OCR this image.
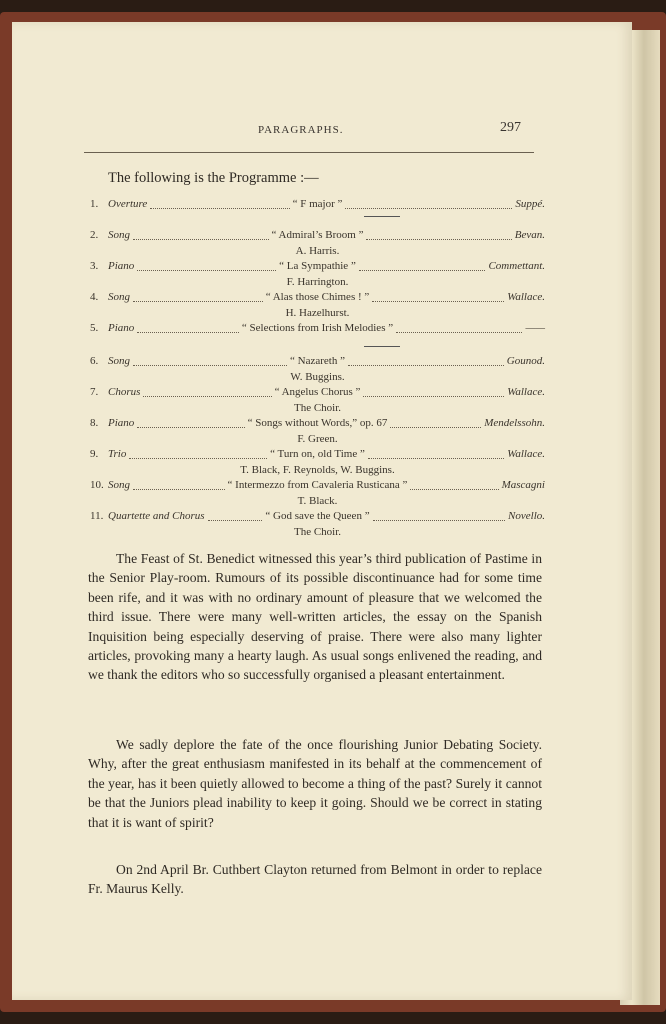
PARAGRAPHS.	297
The following is the Programme :—
1. Overture	“ F major ”	Suppé.
2. Song	“ Admiral’s Broom ”	Bevan.
A. Harris.
3. Piano	“ La Sympathie ”	Commettant.
F. Harrington.
4. Song	“ Alas those Chimes ! ”	Wallace.
H. Hazelhurst.
5. Piano	“ Selections from Irish Melodies ”	——
6. Song	“ Nazareth ”	Gounod.
W. Buggins.
7. Chorus	“ Angelus Chorus ”	Wallace.
The Choir.
8. Piano	“ Songs without Words,” op. 67	Mendelssohn.
F. Green.
9. Trio	“ Turn on, old Time ”	Wallace.
T. Black, F. Reynolds, W. Buggins.
10. Song	“ Intermezzo from Cavaleria Rusticana ”	Mascagni
T. Black.
11. Quartette and Chorus	“ God save the Queen ”	Novello.
The Choir.

The Feast of St. Benedict witnessed this year’s third publication of Pastime in the Senior Play-room. Rumours of its possible discontinuance had for some time been rife, and it was with no ordinary amount of pleasure that we welcomed the third issue. There were many well-written articles, the essay on the Spanish Inquisition being especially deserving of praise. There were also many lighter articles, provoking many a hearty laugh. As usual songs enlivened the reading, and we thank the editors who so successfully organised a pleasant entertainment.

We sadly deplore the fate of the once flourishing Junior Debating Society. Why, after the great enthusiasm manifested in its behalf at the commencement of the year, has it been quietly allowed to become a thing of the past? Surely it cannot be that the Juniors plead inability to keep it going. Should we be correct in stating that it is want of spirit?

On 2nd April Br. Cuthbert Clayton returned from Belmont in order to replace Fr. Maurus Kelly.
